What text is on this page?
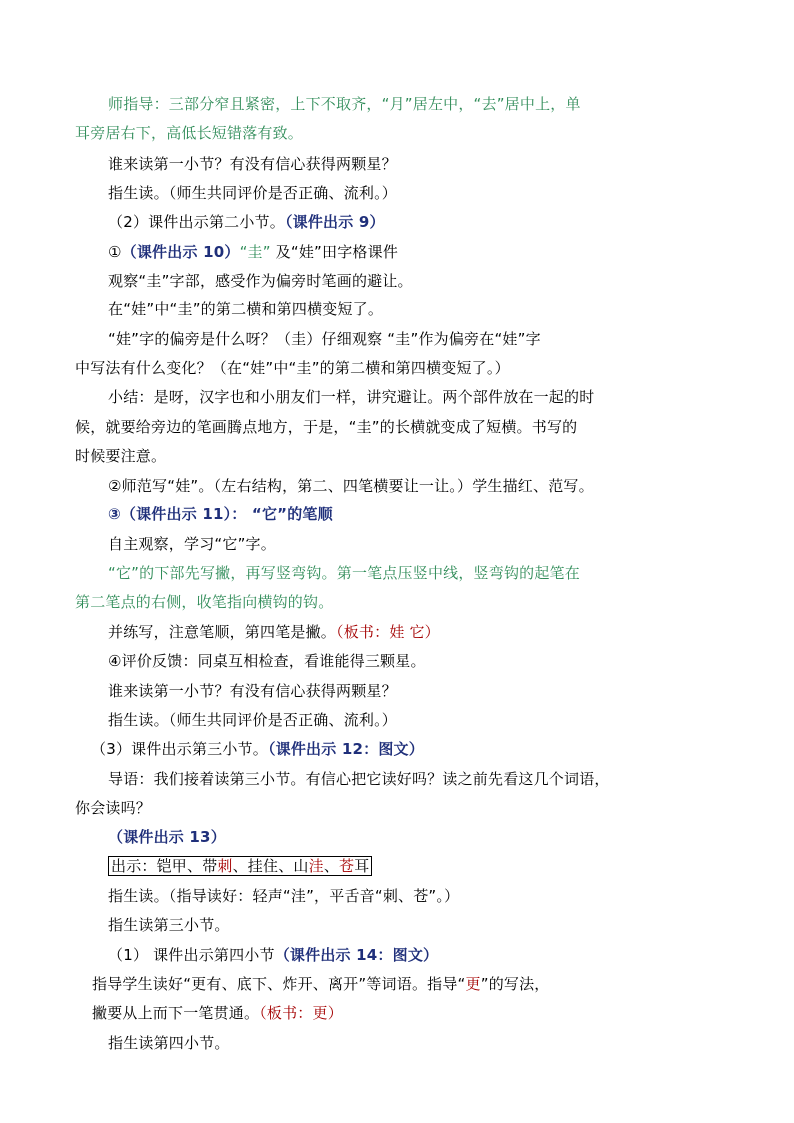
师指导：三部分窄且紧密，上下不取齐，“月”居左中，“去”居中上，单
耳旁居右下，高低长短错落有致。
谁来读第一小节？有没有信心获得两颗星？
指生读。（师生共同评价是否正确、流利。）
（2）课件出示第二小节。（课件出示 9）
①（课件出示 10）“圭” 及“娃”田字格课件
观察“圭”字部，感受作为偏旁时笔画的避让。
在“娃”中“圭”的第二横和第四横变短了。
“娃”字的偏旁是什么呀？（圭）仔细观察 “圭”作为偏旁在“娃”字
中写法有什么变化？（在“娃”中“圭”的第二横和第四横变短了。）
小结：是呀，汉字也和小朋友们一样，讲究避让。两个部件放在一起的时
候，就要给旁边的笔画腾点地方，于是，“圭”的长横就变成了短横。书写的
时候要注意。
②师范写“娃”。（左右结构，第二、四笔横要让一让。）学生描红、范写。
③（课件出示 11）： “它”的笔顺
自主观察，学习“它”字。
“它”的下部先写撇，再写竖弯钩。第一笔点压竖中线，竖弯钩的起笔在
第二笔点的右侧，收笔指向横钩的钩。
并练写，注意笔顺，第四笔是撇。（板书：娃 它）
④评价反馈：同桌互相检查，看谁能得三颗星。
谁来读第一小节？有没有信心获得两颗星？
指生读。（师生共同评价是否正确、流利。）
（3）课件出示第三小节。（课件出示 12：图文）
导语：我们接着读第三小节。有信心把它读好吗？读之前先看这几个词语，
你会读吗？
（课件出示 13）
出示：铠甲、带刺、挂住、山洼、苍耳
指生读。（指导读好：轻声“洼”，平舌音“刺、苍”。）
指生读第三小节。
（1） 课件出示第四小节（课件出示 14：图文）
指导学生读好“更有、底下、炸开、离开”等词语。指导“更”的写法，
撇要从上而下一笔贯通。（板书：更）
指生读第四小节。
